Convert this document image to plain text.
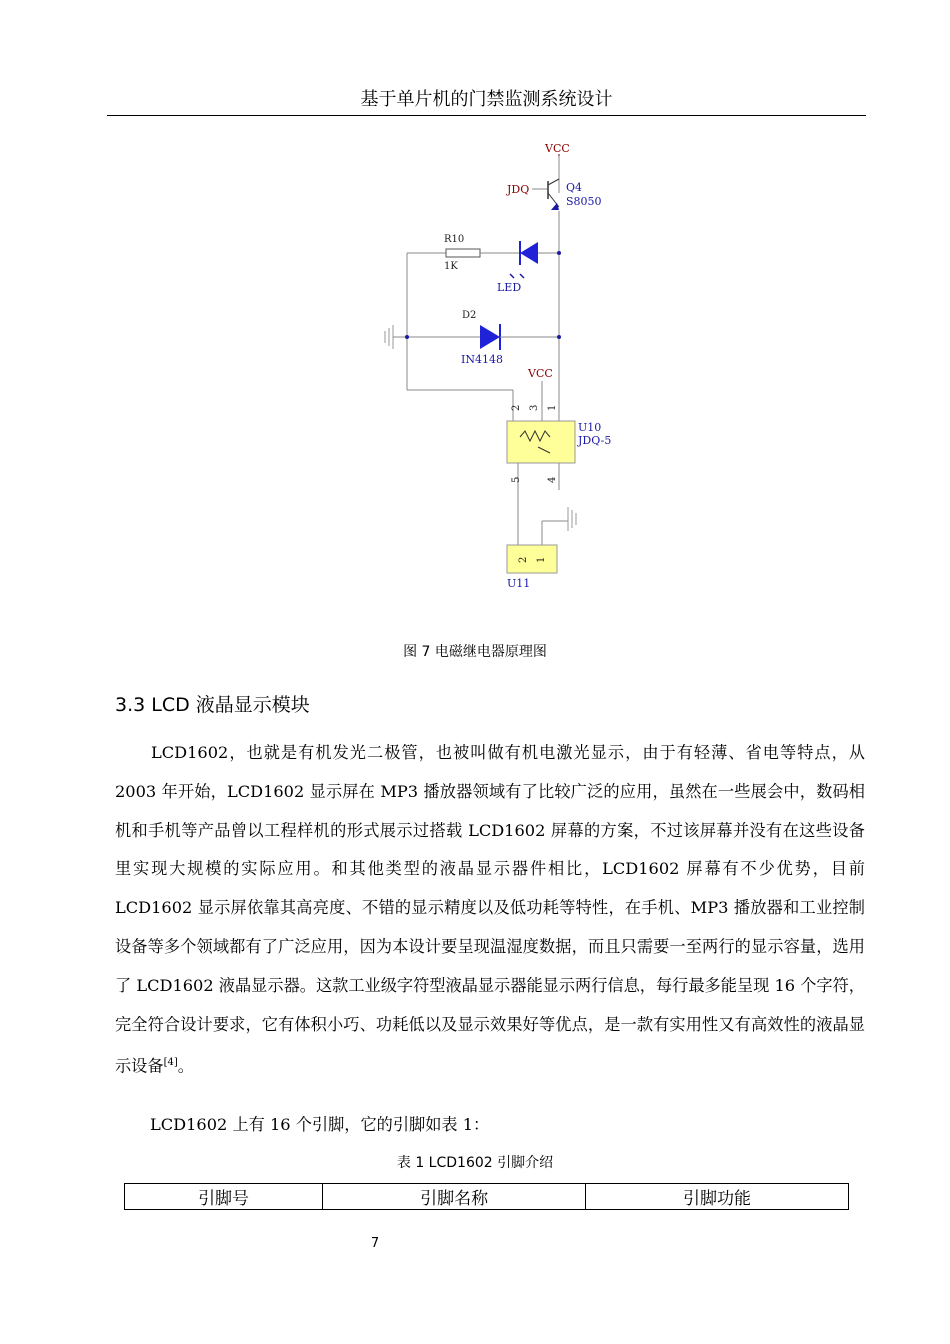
基于单片机的门禁监测系统设计
VCC
JDQ	Q4
S8050
R10
1K
LED
D2
IN4148
VCC
2 3 1
U10
JDQ-5
5	4
2 1
U11
图 7 电磁继电器原理图
3.3 LCD 液晶显示模块

LCD1602，也就是有机发光二极管，也被叫做有机电激光显示，由于有轻薄、省电等特点，从 2003 年开始，LCD1602 显示屏在 MP3 播放器领域有了比较广泛的应用，虽然在一些展会中，数码相机和手机等产品曾以工程样机的形式展示过搭载 LCD1602 屏幕的方案，不过该屏幕并没有在这些设备里实现大规模的实际应用。和其他类型的液晶显示器件相比，LCD1602 屏幕有不少优势，目前 LCD1602 显示屏依靠其高亮度、不错的显示精度以及低功耗等特性，在手机、MP3 播放器和工业控制设备等多个领域都有了广泛应用，因为本设计要呈现温湿度数据，而且只需要一至两行的显示容量，选用了 LCD1602 液晶显示器。这款工业级字符型液晶显示器能显示两行信息，每行最多能呈现 16 个字符，完全符合设计要求，它有体积小巧、功耗低以及显示效果好等优点，是一款有实用性又有高效性的液晶显示设备[4]。

LCD1602 上有 16 个引脚，它的引脚如表 1：
表 1 LCD1602 引脚介绍
引脚号	引脚名称	引脚功能
7
